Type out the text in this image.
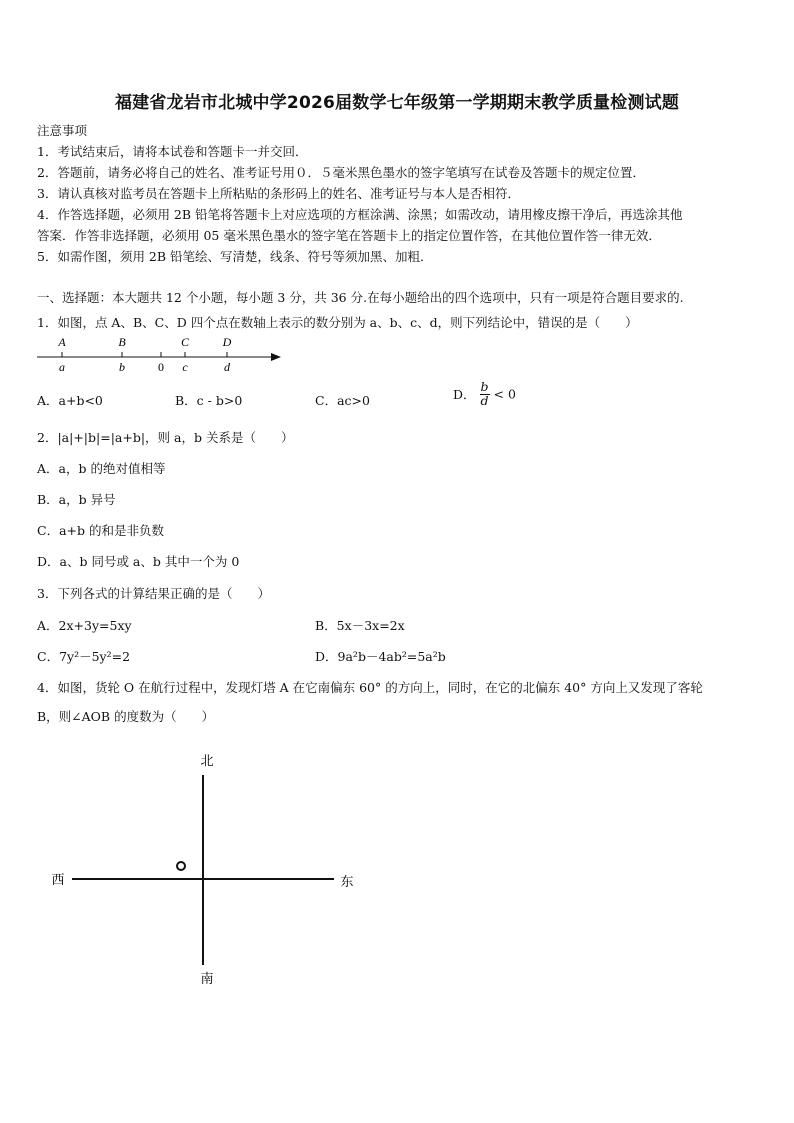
福建省龙岩市北城中学2026届数学七年级第一学期期末教学质量检测试题
注意事项
1．考试结束后，请将本试卷和答题卡一并交回．
2．答题前，请务必将自己的姓名、准考证号用０．５毫米黑色墨水的签字笔填写在试卷及答题卡的规定位置．
3．请认真核对监考员在答题卡上所粘贴的条形码上的姓名、准考证号与本人是否相符．
4．作答选择题，必须用 2B 铅笔将答题卡上对应选项的方框涂满、涂黑；如需改动，请用橡皮擦干净后，再选涂其他
答案．作答非选择题，必须用 05 毫米黑色墨水的签字笔在答题卡上的指定位置作答，在其他位置作答一律无效．
5．如需作图，须用 2B 铅笔绘、写清楚，线条、符号等须加黑、加粗．
一、选择题：本大题共 12 个小题，每小题 3 分，共 36 分.在每小题给出的四个选项中，只有一项是符合题目要求的.
1．如图，点 A、B、C、D 四个点在数轴上表示的数分别为 a、b、c、d，则下列结论中，错误的是（　　）
A	B	C	D
a	b	0 c	d
A．a+b<0	B．c - b>0	C．ac>0	D． $\frac{b}{d} < 0$
2．|a|+|b|=|a+b|，则 a，b 关系是（　　）
A．a，b 的绝对值相等
B．a，b 异号
C．a+b 的和是非负数
D．a、b 同号或 a、b 其中一个为 0
3．下列各式的计算结果正确的是（　　）
A．2x+3y=5xy	B．5x－3x=2x
C．7y²－5y²=2	D．9a²b－4ab²=5a²b
4．如图，货轮 O 在航行过程中，发现灯塔 A 在它南偏东 60° 的方向上，同时，在它的北偏东 40° 方向上又发现了客轮
B，则∠AOB 的度数为（　　）
北
南
西	东
